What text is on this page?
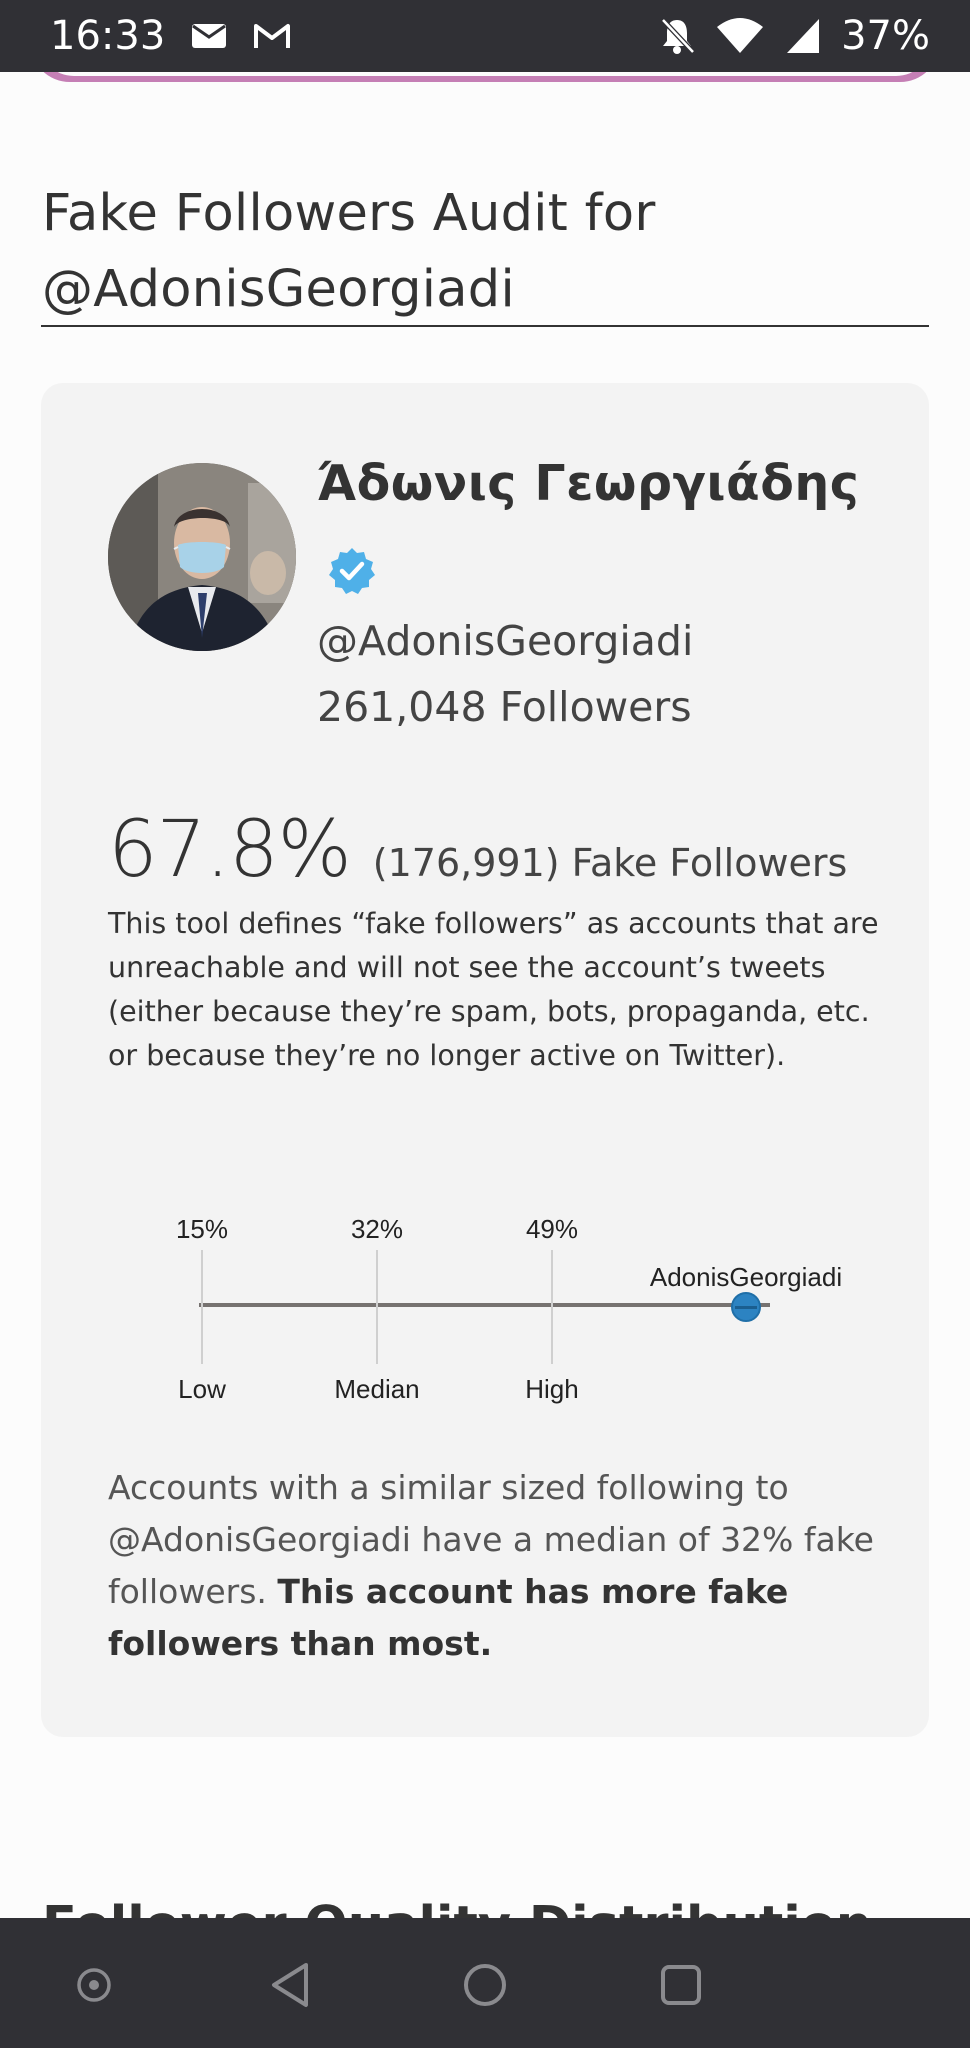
16:33	37%
Fake Followers Audit for
@AdonisGeorgiadi
Άδωνις Γεωργιάδης
@AdonisGeorgiadi
261,048 Followers
67.8% (176,991) Fake Followers

This tool defines “fake followers” as accounts that are unreachable and will not see the account’s tweets (either because they’re spam, bots, propaganda, etc. or because they’re no longer active on Twitter).

15%
Low
32%
Median
49%
High
AdonisGeorgiadi

Accounts with a similar sized following to @AdonisGeorgiadi have a median of 32% fake followers. This account has more fake followers than most.
